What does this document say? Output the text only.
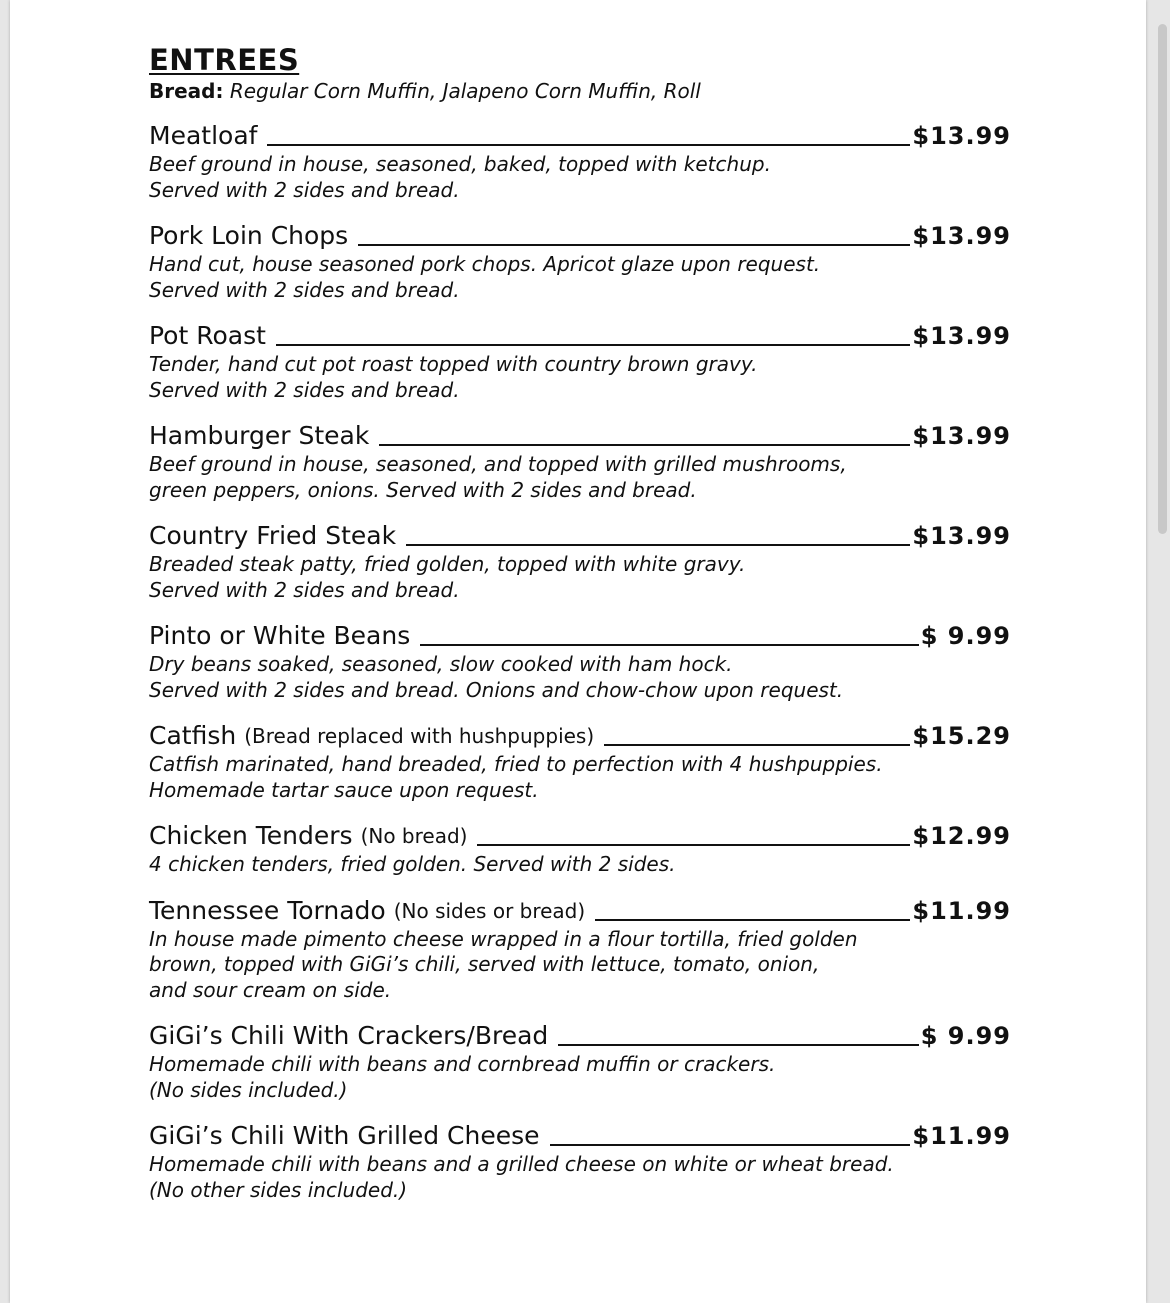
ENTREES

Bread: Regular Corn Muffin, Jalapeno Corn Muffin, Roll

Meatloaf	$13.99

Beef ground in house, seasoned, baked, topped with ketchup.
Served with 2 sides and bread.

Pork Loin Chops	$13.99

Hand cut, house seasoned pork chops. Apricot glaze upon request.
Served with 2 sides and bread.

Pot Roast	$13.99

Tender, hand cut pot roast topped with country brown gravy.
Served with 2 sides and bread.

Hamburger Steak	$13.99

Beef ground in house, seasoned, and topped with grilled mushrooms,
green peppers, onions. Served with 2 sides and bread.

Country Fried Steak	$13.99

Breaded steak patty, fried golden, topped with white gravy.
Served with 2 sides and bread.

Pinto or White Beans	$ 9.99

Dry beans soaked, seasoned, slow cooked with ham hock.
Served with 2 sides and bread. Onions and chow-chow upon request.

Catfish (Bread replaced with hushpuppies)	$15.29

Catfish marinated, hand breaded, fried to perfection with 4 hushpuppies.
Homemade tartar sauce upon request.

Chicken Tenders (No bread)	$12.99

4 chicken tenders, fried golden. Served with 2 sides.

Tennessee Tornado (No sides or bread)	$11.99

In house made pimento cheese wrapped in a flour tortilla, fried golden
brown, topped with GiGi’s chili, served with lettuce, tomato, onion,
and sour cream on side.

GiGi’s Chili With Crackers/Bread	$ 9.99

Homemade chili with beans and cornbread muffin or crackers.
(No sides included.)

GiGi’s Chili With Grilled Cheese	$11.99

Homemade chili with beans and a grilled cheese on white or wheat bread.
(No other sides included.)
